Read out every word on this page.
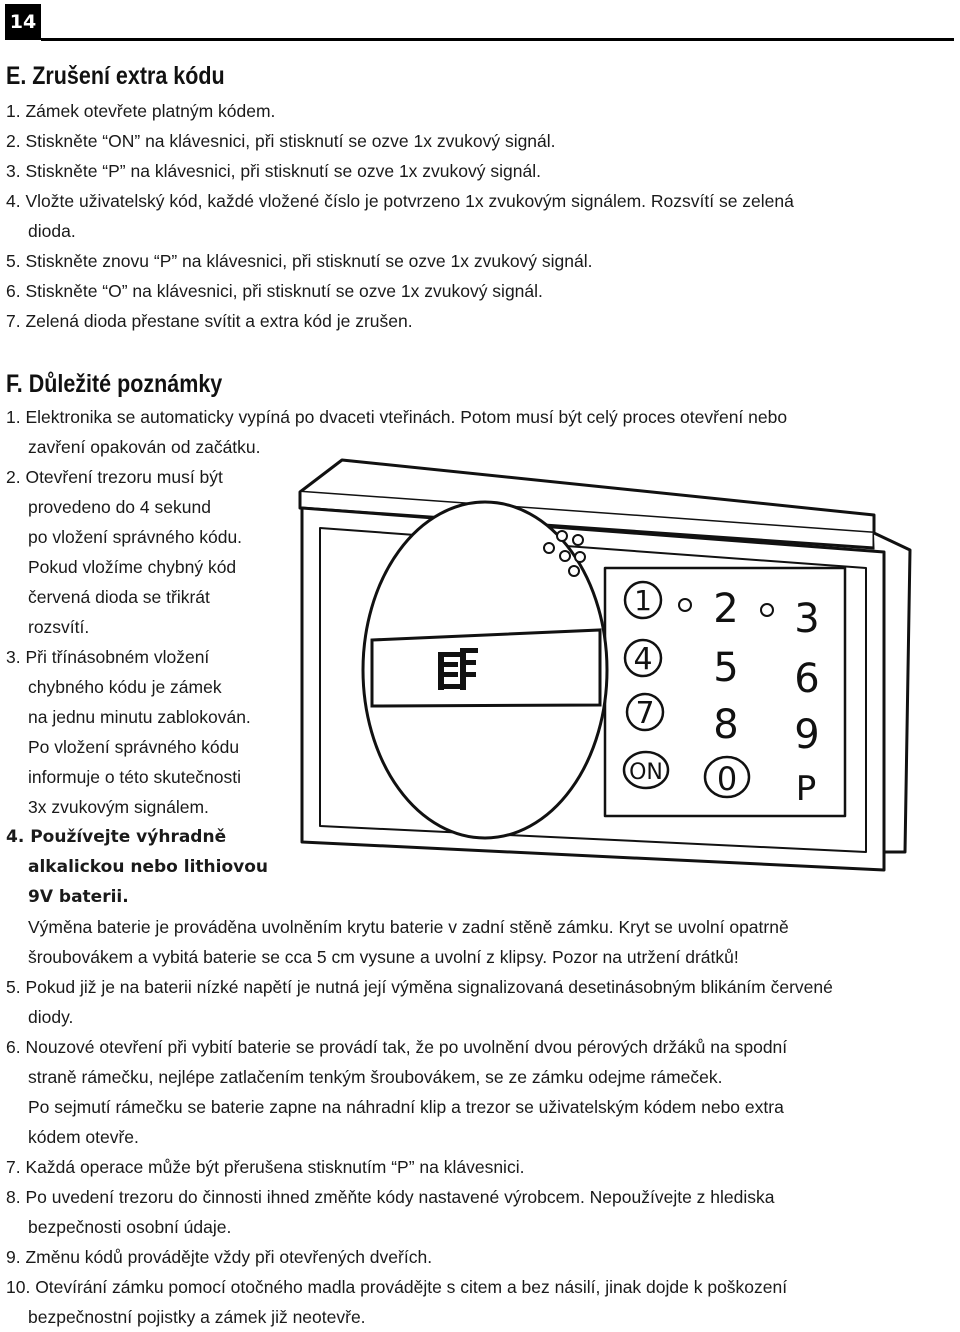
14
E. Zrušení extra kódu
1. Zámek otevřete platným kódem.
2. Stiskněte “ON” na klávesnici, při stisknutí se ozve 1x zvukový signál.
3. Stiskněte “P” na klávesnici, při stisknutí se ozve 1x zvukový signál.
4. Vložte uživatelský kód, každé vložené číslo je potvrzeno 1x zvukovým signálem. Rozsvítí se zelená
dioda.
5. Stiskněte znovu “P” na klávesnici, při stisknutí se ozve 1x zvukový signál.
6. Stiskněte “O” na klávesnici, při stisknutí se ozve 1x zvukový signál.
7. Zelená dioda přestane svítit a extra kód je zrušen.
F. Důležité poznámky
1. Elektronika se automaticky vypíná po dvaceti vteřinách. Potom musí být celý proces otevření nebo
zavření opakován od začátku.
2. Otevření trezoru musí být
provedeno do 4 sekund
po vložení správného kódu.
Pokud vložíme chybný kód
červená dioda se třikrát
rozsvítí.
3. Při třínásobném vložení
chybného kódu je zámek
na jednu minutu zablokován.
Po vložení správného kódu
informuje o této skutečnosti
3x zvukovým signálem.
4. Používejte výhradně
alkalickou nebo lithiovou
9V baterii.
Výměna baterie je prováděna uvolněním krytu baterie v zadní stěně zámku. Kryt se uvolní opatrně
šroubovákem a vybitá baterie se cca 5 cm vysune a uvolní z klipsy. Pozor na utržení drátků!
5. Pokud již je na baterii nízké napětí je nutná její výměna signalizovaná desetinásobným blikáním červené
diody.
6. Nouzové otevření při vybití baterie se provádí tak, že po uvolnění dvou pérových držáků na spodní
straně rámečku, nejlépe zatlačením tenkým šroubovákem, se ze zámku odejme rámeček.
Po sejmutí rámečku se baterie zapne na náhradní klip a trezor se uživatelským kódem nebo extra
kódem otevře.
7. Každá operace může být přerušena stisknutím “P” na klávesnici.
8. Po uvedení trezoru do činnosti ihned změňte kódy nastavené výrobcem. Nepoužívejte z hlediska
bezpečnosti osobní údaje.
9. Změnu kódů provádějte vždy při otevřených dveřích.
10. Otevírání zámku pomocí otočného madla provádějte s citem a bez násilí, jinak dojde k poškození
bezpečnostní pojistky a zámek již neotevře.
1 2 3
4 5 6
7 8 9
ON 0 P
